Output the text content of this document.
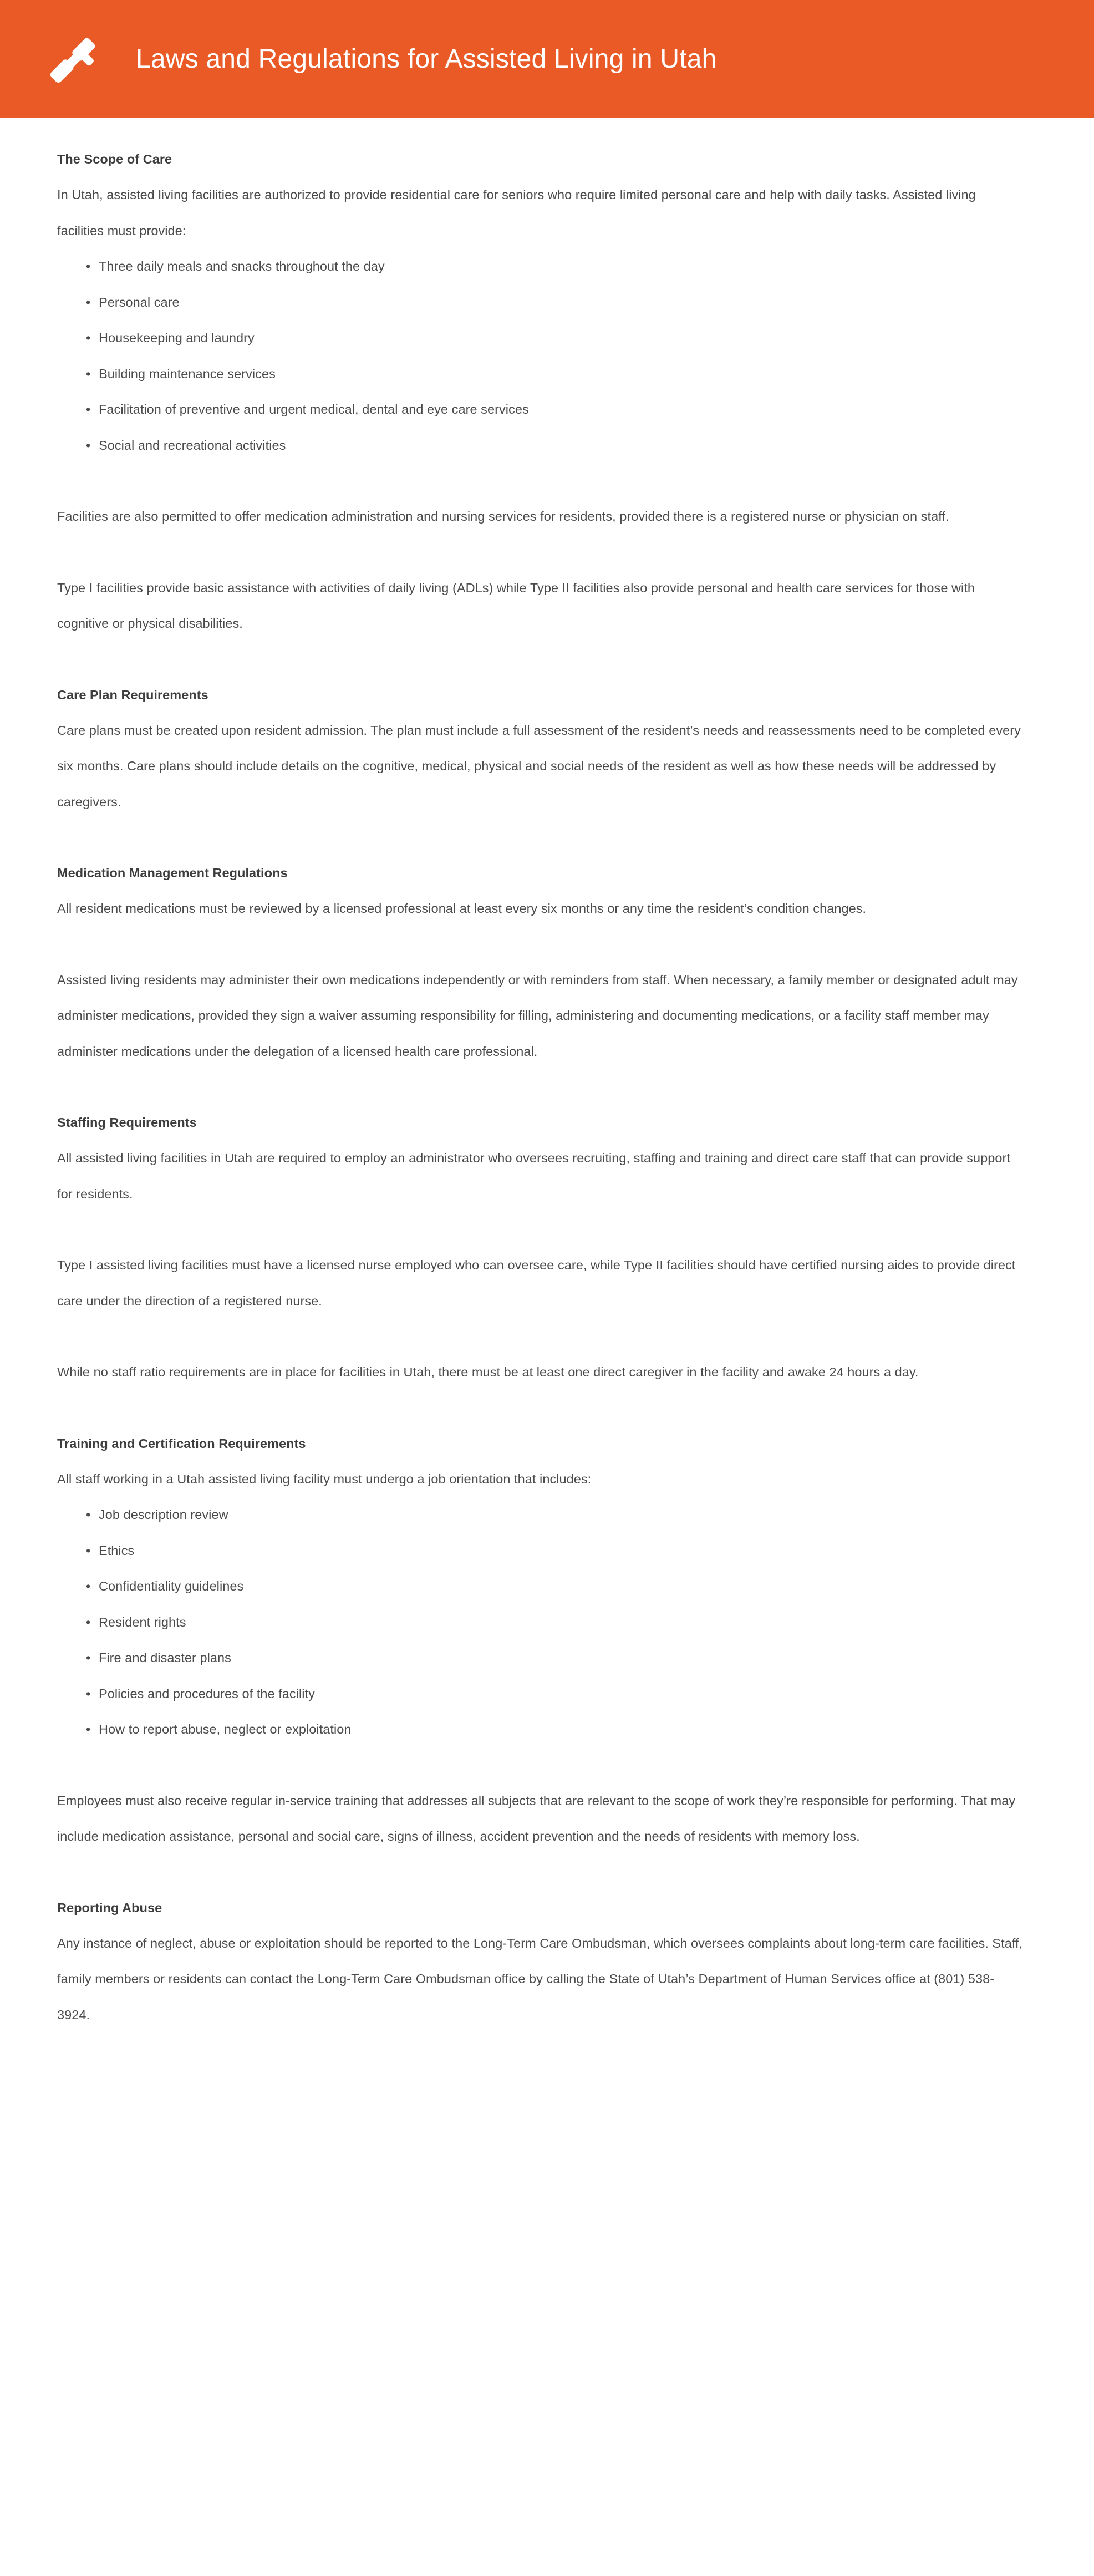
Laws and Regulations for Assisted Living in Utah
The Scope of Care

In Utah, assisted living facilities are authorized to provide residential care for seniors who require limited personal care and help with daily tasks. Assisted living facilities must provide:

• Three daily meals and snacks throughout the day
• Personal care
• Housekeeping and laundry
• Building maintenance services
• Facilitation of preventive and urgent medical, dental and eye care services
• Social and recreational activities

Facilities are also permitted to offer medication administration and nursing services for residents, provided there is a registered nurse or physician on staff.

Type I facilities provide basic assistance with activities of daily living (ADLs) while Type II facilities also provide personal and health care services for those with cognitive or physical disabilities.

Care Plan Requirements

Care plans must be created upon resident admission. The plan must include a full assessment of the resident’s needs and reassessments need to be completed every six months. Care plans should include details on the cognitive, medical, physical and social needs of the resident as well as how these needs will be addressed by caregivers.

Medication Management Regulations

All resident medications must be reviewed by a licensed professional at least every six months or any time the resident’s condition changes.

Assisted living residents may administer their own medications independently or with reminders from staff. When necessary, a family member or designated adult may administer medications, provided they sign a waiver assuming responsibility for filling, administering and documenting medications, or a facility staff member may administer medications under the delegation of a licensed health care professional.

Staffing Requirements

All assisted living facilities in Utah are required to employ an administrator who oversees recruiting, staffing and training and direct care staff that can provide support for residents.

Type I assisted living facilities must have a licensed nurse employed who can oversee care, while Type II facilities should have certified nursing aides to provide direct care under the direction of a registered nurse.

While no staff ratio requirements are in place for facilities in Utah, there must be at least one direct caregiver in the facility and awake 24 hours a day.

Training and Certification Requirements

All staff working in a Utah assisted living facility must undergo a job orientation that includes:

• Job description review
• Ethics
• Confidentiality guidelines
• Resident rights
• Fire and disaster plans
• Policies and procedures of the facility
• How to report abuse, neglect or exploitation

Employees must also receive regular in-service training that addresses all subjects that are relevant to the scope of work they’re responsible for performing. That may include medication assistance, personal and social care, signs of illness, accident prevention and the needs of residents with memory loss.

Reporting Abuse

Any instance of neglect, abuse or exploitation should be reported to the Long-Term Care Ombudsman, which oversees complaints about long-term care facilities. Staff, family members or residents can contact the Long-Term Care Ombudsman office by calling the State of Utah’s Department of Human Services office at (801) 538-3924.
